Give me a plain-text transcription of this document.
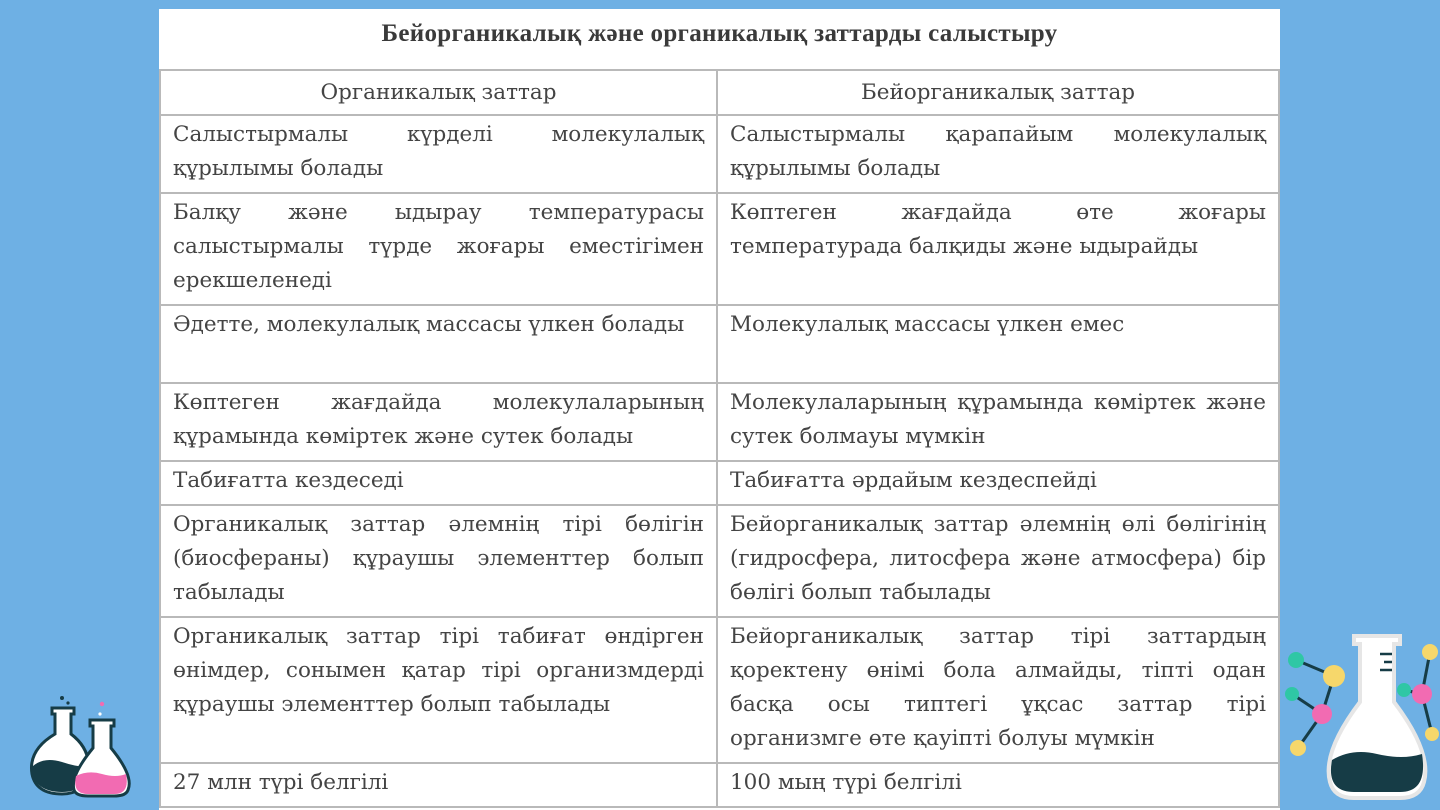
Бейорганикалық және органикалық заттарды салыстыру
Органикалық заттар	Бейорганикалық заттар
Салыстырмалы күрделі молекулалық құрылымы болады	Салыстырмалы қарапайым молекулалық құрылымы болады
Балқу және ыдырау температурасы салыстырмалы түрде жоғары еместігімен ерекшеленеді	Көптеген жағдайда өте жоғары температурада балқиды және ыдырайды
Әдетте, молекулалық массасы үлкен болады	Молекулалық массасы үлкен емес
Көптеген жағдайда молекулаларының құрамында көміртек және сутек болады	Молекулаларының құрамында көміртек және сутек болмауы мүмкін
Табиғатта кездеседі	Табиғатта әрдайым кездеспейді
Органикалық заттар әлемнің тірі бөлігін (биосфераны) құраушы элементтер болып табылады	Бейорганикалық заттар әлемнің өлі бөлігінің (гидросфера, литосфера және атмосфера) бір бөлігі болып табылады
Органикалық заттар тірі табиғат өндірген өнімдер, сонымен қатар тірі организмдерді құраушы элементтер болып табылады	Бейорганикалық заттар тірі заттардың қоректену өнімі бола алмайды, тіпті одан басқа осы типтегі ұқсас заттар тірі организмге өте қауіпті болуы мүмкін
27 млн түрі белгілі	100 мың түрі белгілі
